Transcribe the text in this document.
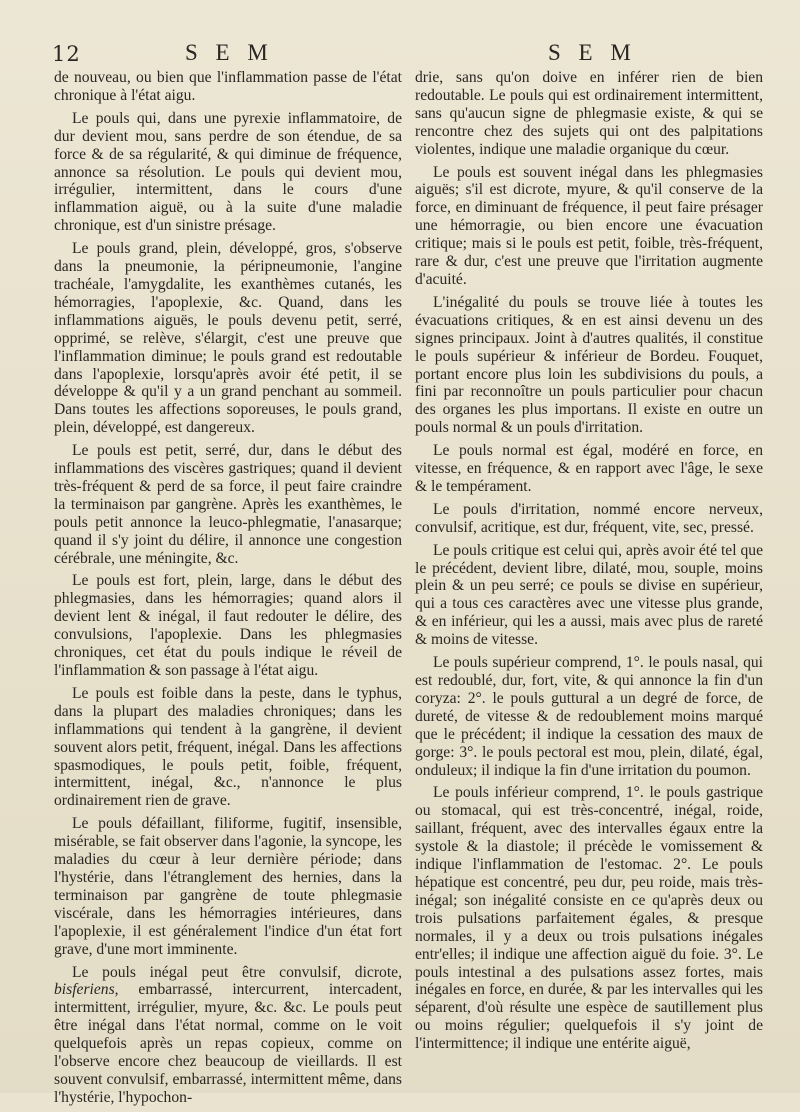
12	S E M	S E M

de nouveau, ou bien que l'inflammation passe de l'état chronique à l'état aigu.

Le pouls qui, dans une pyrexie inflammatoire, de dur devient mou, sans perdre de son étendue, de sa force & de sa régularité, & qui diminue de fréquence, annonce sa résolution. Le pouls qui devient mou, irrégulier, intermittent, dans le cours d'une inflammation aiguë, ou à la suite d'une maladie chronique, est d'un sinistre présage.

Le pouls grand, plein, développé, gros, s'observe dans la pneumonie, la péripneumonie, l'angine trachéale, l'amygdalite, les exanthèmes cutanés, les hémorragies, l'apoplexie, &c. Quand, dans les inflammations aiguës, le pouls devenu petit, serré, opprimé, se relève, s'élargit, c'est une preuve que l'inflammation diminue; le pouls grand est redoutable dans l'apoplexie, lorsqu'après avoir été petit, il se développe & qu'il y a un grand penchant au sommeil. Dans toutes les affections soporeuses, le pouls grand, plein, développé, est dangereux.

Le pouls est petit, serré, dur, dans le début des inflammations des viscères gastriques; quand il devient très-fréquent & perd de sa force, il peut faire craindre la terminaison par gangrène. Après les exanthèmes, le pouls petit annonce la leuco-phlegmatie, l'anasarque; quand il s'y joint du délire, il annonce une congestion cérébrale, une méningite, &c.

Le pouls est fort, plein, large, dans le début des phlegmasies, dans les hémorragies; quand alors il devient lent & inégal, il faut redouter le délire, des convulsions, l'apoplexie. Dans les phlegmasies chroniques, cet état du pouls indique le réveil de l'inflammation & son passage à l'état aigu.

Le pouls est foible dans la peste, dans le typhus, dans la plupart des maladies chroniques; dans les inflammations qui tendent à la gangrène, il devient souvent alors petit, fréquent, inégal. Dans les affections spasmodiques, le pouls petit, foible, fréquent, intermittent, inégal, &c., n'annonce le plus ordinairement rien de grave.

Le pouls défaillant, filiforme, fugitif, insensible, misérable, se fait observer dans l'agonie, la syncope, les maladies du cœur à leur dernière période; dans l'hystérie, dans l'étranglement des hernies, dans la terminaison par gangrène de toute phlegmasie viscérale, dans les hémorragies intérieures, dans l'apoplexie, il est généralement l'indice d'un état fort grave, d'une mort imminente.

Le pouls inégal peut être convulsif, dicrote, bisferiens, embarrassé, intercurrent, intercadent, intermittent, irrégulier, myure, &c. &c. Le pouls peut être inégal dans l'état normal, comme on le voit quelquefois après un repas copieux, comme on l'observe encore chez beaucoup de vieillards. Il est souvent convulsif, embarrassé, intermittent même, dans l'hystérie, l'hypochon-

drie, sans qu'on doive en inférer rien de bien redoutable. Le pouls qui est ordinairement intermittent, sans qu'aucun signe de phlegmasie existe, & qui se rencontre chez des sujets qui ont des palpitations violentes, indique une maladie organique du cœur.

Le pouls est souvent inégal dans les phlegmasies aiguës; s'il est dicrote, myure, & qu'il conserve de la force, en diminuant de fréquence, il peut faire présager une hémorragie, ou bien encore une évacuation critique; mais si le pouls est petit, foible, très-fréquent, rare & dur, c'est une preuve que l'irritation augmente d'acuité.

L'inégalité du pouls se trouve liée à toutes les évacuations critiques, & en est ainsi devenu un des signes principaux. Joint à d'autres qualités, il constitue le pouls supérieur & inférieur de Bordeu. Fouquet, portant encore plus loin les subdivisions du pouls, a fini par reconnoître un pouls particulier pour chacun des organes les plus importans. Il existe en outre un pouls normal & un pouls d'irritation.

Le pouls normal est égal, modéré en force, en vitesse, en fréquence, & en rapport avec l'âge, le sexe & le tempérament.

Le pouls d'irritation, nommé encore nerveux, convulsif, acritique, est dur, fréquent, vite, sec, pressé.

Le pouls critique est celui qui, après avoir été tel que le précédent, devient libre, dilaté, mou, souple, moins plein & un peu serré; ce pouls se divise en supérieur, qui a tous ces caractères avec une vitesse plus grande, & en inférieur, qui les a aussi, mais avec plus de rareté & moins de vitesse.

Le pouls supérieur comprend, 1°. le pouls nasal, qui est redoublé, dur, fort, vite, & qui annonce la fin d'un coryza: 2°. le pouls guttural a un degré de force, de dureté, de vitesse & de redoublement moins marqué que le précédent; il indique la cessation des maux de gorge: 3°. le pouls pectoral est mou, plein, dilaté, égal, onduleux; il indique la fin d'une irritation du poumon.

Le pouls inférieur comprend, 1°. le pouls gastrique ou stomacal, qui est très-concentré, inégal, roide, saillant, fréquent, avec des intervalles égaux entre la systole & la diastole; il précède le vomissement & indique l'inflammation de l'estomac. 2°. Le pouls hépatique est concentré, peu dur, peu roide, mais très-inégal; son inégalité consiste en ce qu'après deux ou trois pulsations parfaitement égales, & presque normales, il y a deux ou trois pulsations inégales entr'elles; il indique une affection aiguë du foie. 3°. Le pouls intestinal a des pulsations assez fortes, mais inégales en force, en durée, & par les intervalles qui les séparent, d'où résulte une espèce de sautillement plus ou moins régulier; quelquefois il s'y joint de l'intermittence; il indique une entérite aiguë,
